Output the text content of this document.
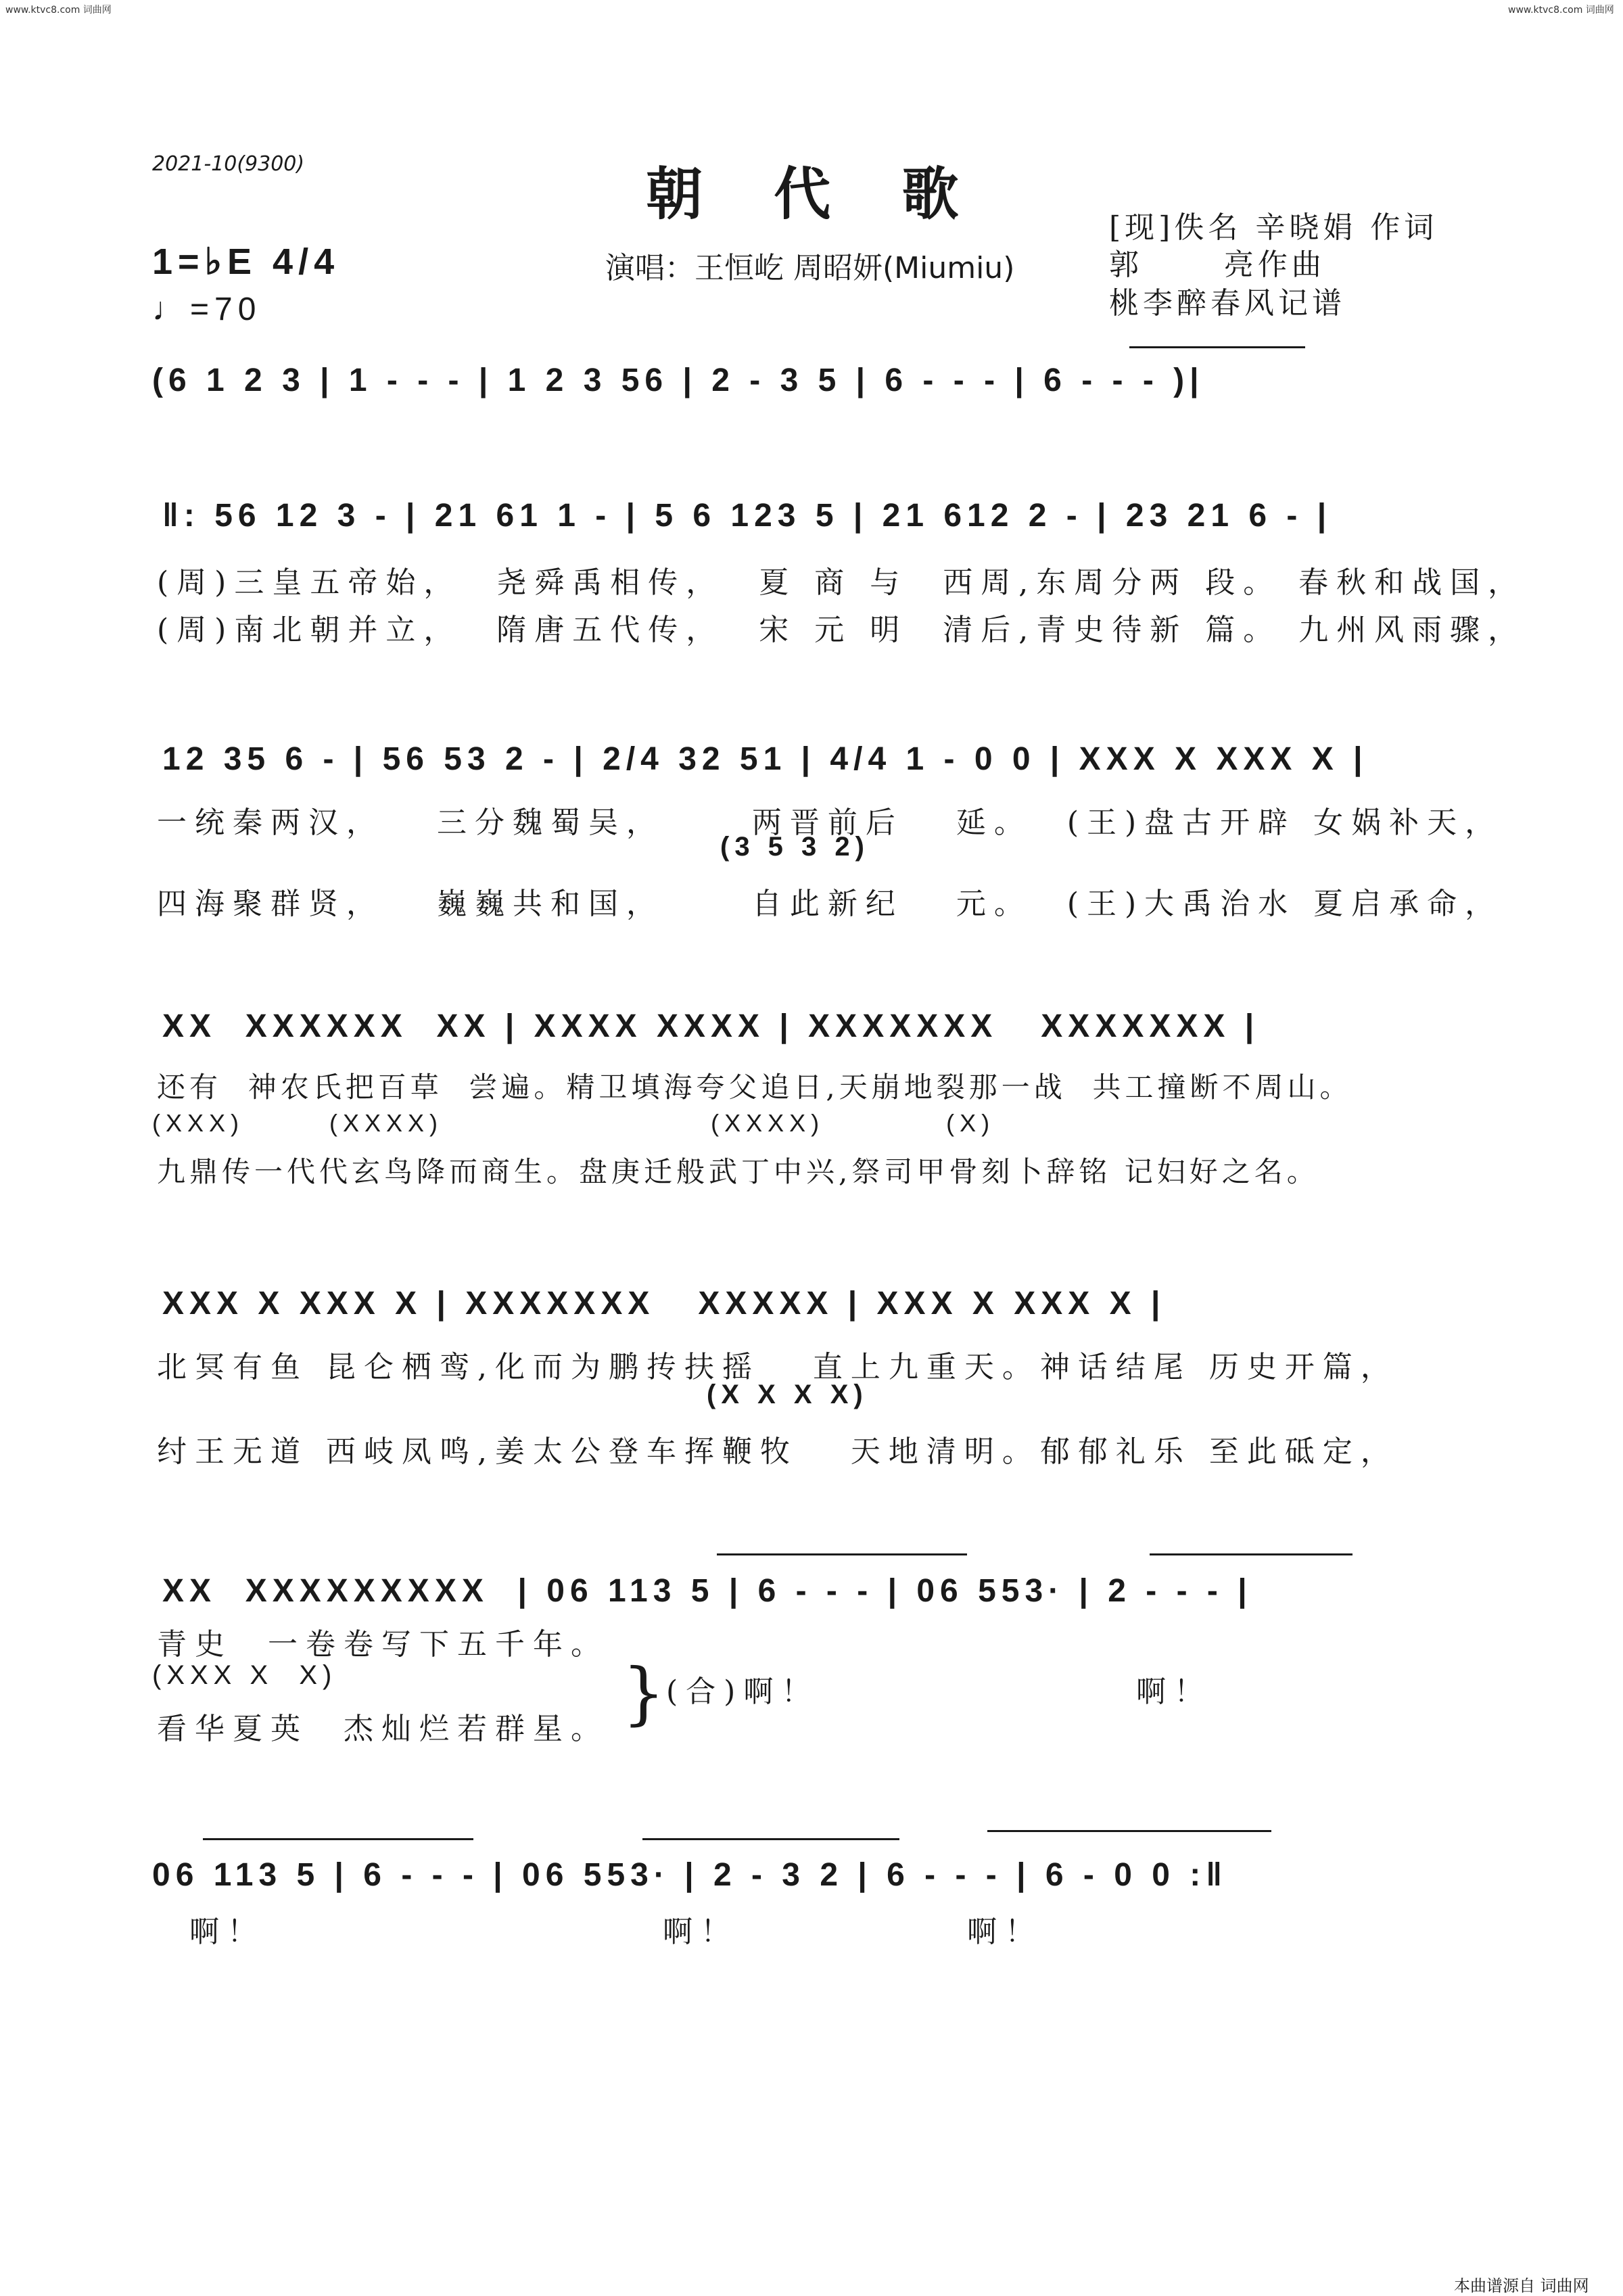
www.ktvc8.com 词曲网	www.ktvc8.com 词曲网
2021-10(9300)	朝 代 歌
1=♭E 4/4
♩=70
演唱：王恒屹 周昭妍(Miumiu)
[现]佚名 辛晓娟 作词
郭      亮作曲
桃李醉春风记谱
(6 1 2 3 | 1 - - - | 1 2 3 56 | 2 - 3 5 | 6 - - - | 6 - - - )|
‖: 56 12 3 - | 21 61 1 - | 5 6 123 5 | 21 612 2 - | 23 21 6 - |
(周)三皇五帝始，  尧舜禹相传，  夏 商 与  西周,东周分两 段。 春秋和战国，
(周)南北朝并立，  隋唐五代传，  宋 元 明  清后,青史待新 篇。 九州风雨骤，
12 35 6 - | 56 53 2 - | 2/4 32 51 | 4/4 1 - 0 0 | XXX X XXX X |
一统秦两汉，   三分魏蜀吴，     两晋前后   延。  (王)盘古开辟 女娲补天，
(3 5 3 2)
四海聚群贤，   巍巍共和国，     自此新纪   元。  (王)大禹治水 夏启承命，
XX  XXXXXX  XX | XXXX XXXX | XXXXXXX   XXXXXXX |
还有  神农氏把百草  尝遍。精卫填海夸父追日,天崩地裂那一战  共工撞断不周山。
(XXX)       (XXXX)                      (XXXX)          (X)
九鼎传一代代玄鸟降而商生。盘庚迁般武丁中兴,祭司甲骨刻卜辞铭 记妇好之名。
XXX X XXX X | XXXXXXX   XXXXX | XXX X XXX X |
北冥有鱼 昆仑栖鸾,化而为鹏抟扶摇   直上九重天。神话结尾 历史开篇，
(X X X X)
纣王无道 西岐凤鸣,姜太公登车挥鞭牧   天地清明。郁郁礼乐 至此砥定，
XX  XXXXXXXXX  | 06 113 5 | 6 - - - | 06 553· | 2 - - - |
青史  一卷卷写下五千年。
(XXX X  X)
看华夏英  杰灿烂若群星。 } (合)啊！	啊！
06 113 5 | 6 - - - | 06 553· | 2 - 3 2 | 6 - - - | 6 - 0 0 :‖
啊！	啊！	啊！
本曲谱源自 词曲网
